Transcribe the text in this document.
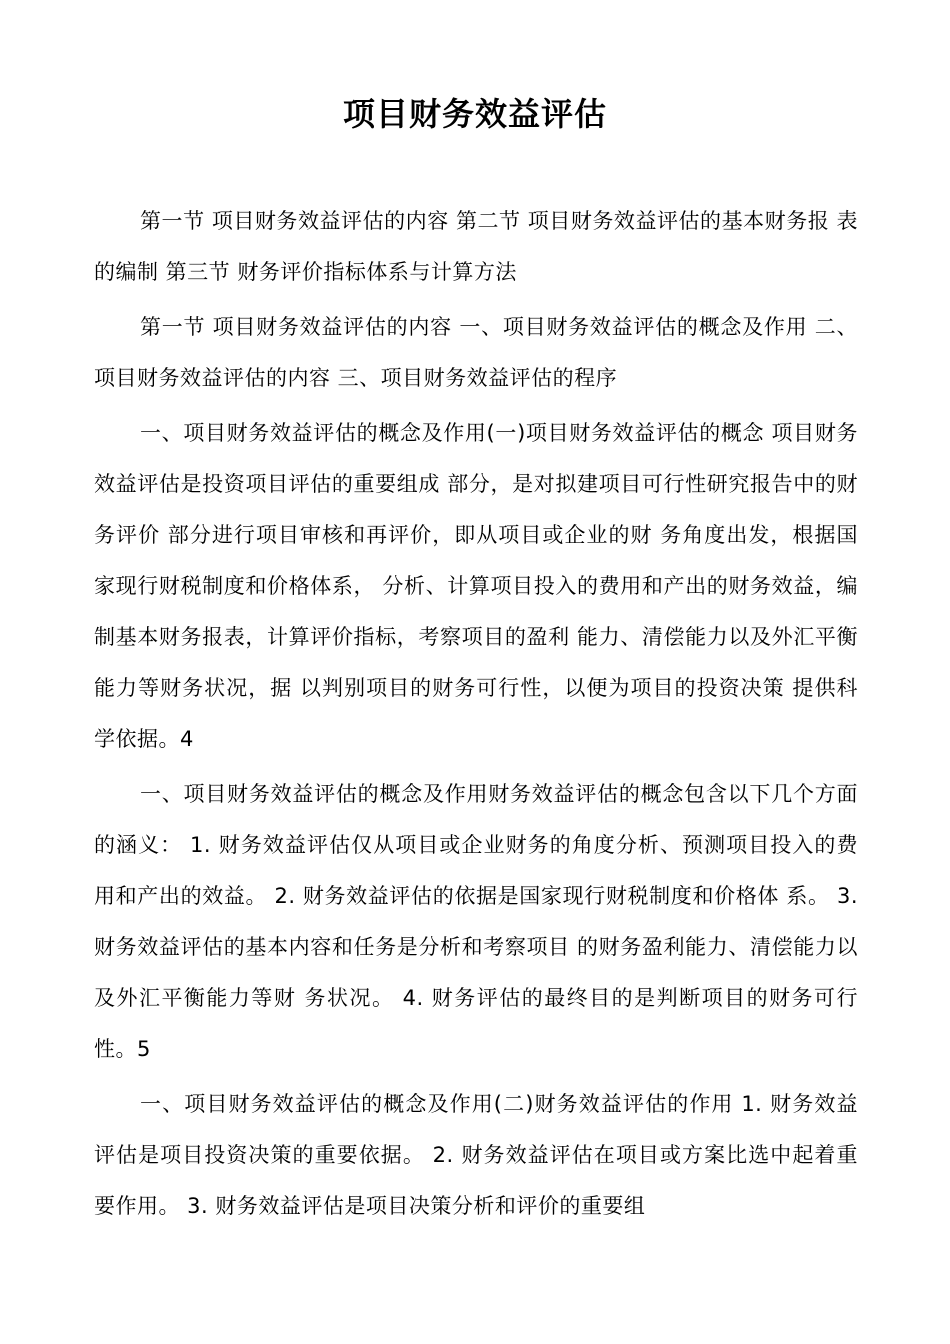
项目财务效益评估

第一节 项目财务效益评估的内容 第二节 项目财务效益评估的基本财务报 表的编制 第三节 财务评价指标体系与计算方法

第一节 项目财务效益评估的内容 一、项目财务效益评估的概念及作用 二、项目财务效益评估的内容 三、项目财务效益评估的程序

一、项目财务效益评估的概念及作用(一)项目财务效益评估的概念 项目财务效益评估是投资项目评估的重要组成 部分，是对拟建项目可行性研究报告中的财务评价 部分进行项目审核和再评价，即从项目或企业的财 务角度出发，根据国家现行财税制度和价格体系， 分析、计算项目投入的费用和产出的财务效益，编 制基本财务报表，计算评价指标，考察项目的盈利 能力、清偿能力以及外汇平衡能力等财务状况，据 以判别项目的财务可行性，以便为项目的投资决策 提供科学依据。4

一、项目财务效益评估的概念及作用财务效益评估的概念包含以下几个方面的涵义： 1. 财务效益评估仅从项目或企业财务的角度分析、预测项目投入的费用和产出的效益。 2. 财务效益评估的依据是国家现行财税制度和价格体 系。 3. 财务效益评估的基本内容和任务是分析和考察项目 的财务盈利能力、清偿能力以及外汇平衡能力等财 务状况。 4. 财务评估的最终目的是判断项目的财务可行性。5

一、项目财务效益评估的概念及作用(二)财务效益评估的作用 1. 财务效益评估是项目投资决策的重要依据。 2. 财务效益评估在项目或方案比选中起着重要作用。 3. 财务效益评估是项目决策分析和评价的重要组
